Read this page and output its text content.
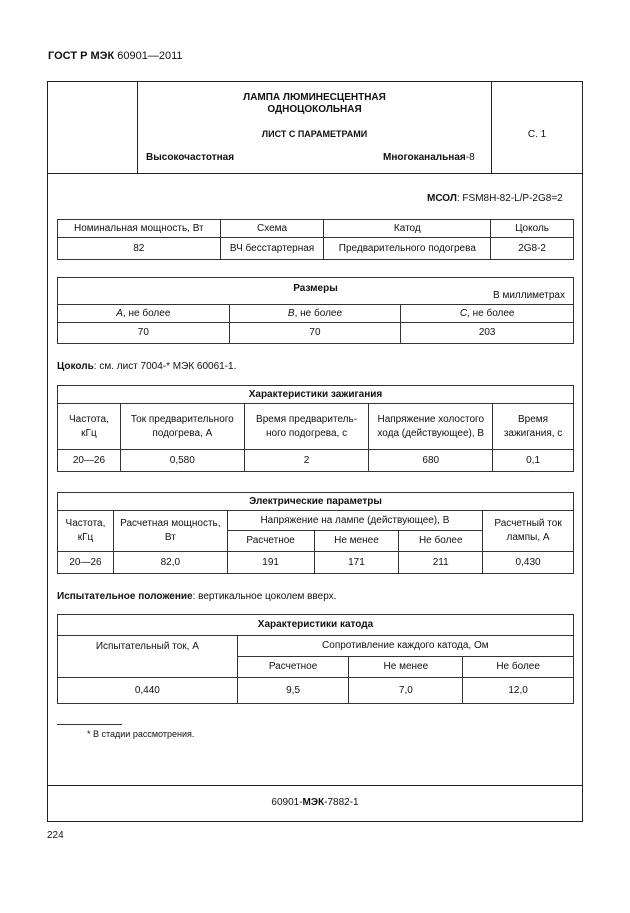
ГОСТ Р МЭК 60901—2011
ЛАМПА ЛЮМИНЕСЦЕНТНАЯ
ОДНОЦОКОЛЬНАЯ
ЛИСТ С ПАРАМЕТРАМИ
Высокочастотная	Многоканальная-8
С. 1
МСОЛ: FSM8H-82-L/P-2G8=2
Номинальная мощность, Вт	Схема	Катод	Цоколь
82	ВЧ бесстартерная	Предварительного подогрева	2G8-2
Размеры
В миллиметрах		

A, не более	B, не более	C, не более
70	70	203
Цоколь: см. лист 7004-* МЭК 60061-1.
Характеристики зажигания				
Частота, кГц	Ток предварительного подогрева, А	Время предваритель-ного подогрева, с	Напряжение холостого хода (действующее), В	Время зажигания, с
20—26	0,580	2	680	0,1
Электрические параметры					
Частота, кГц	Расчетная мощность, Вт	Напряжение на лампе (действующее), В			Расчетный ток лампы, А
		Расчетное	Не менее	Не более	
20—26	82,0	191	171	211	0,430
Испытательное положение: вертикальное цоколем вверх.
Характеристики катода			
Испытательный ток, А	Сопротивление каждого катода, Ом		
	Расчетное	Не менее	Не более
0,440	9,5	7,0	12,0
* В стадии рассмотрения.
60901-МЭК-7882-1
224
